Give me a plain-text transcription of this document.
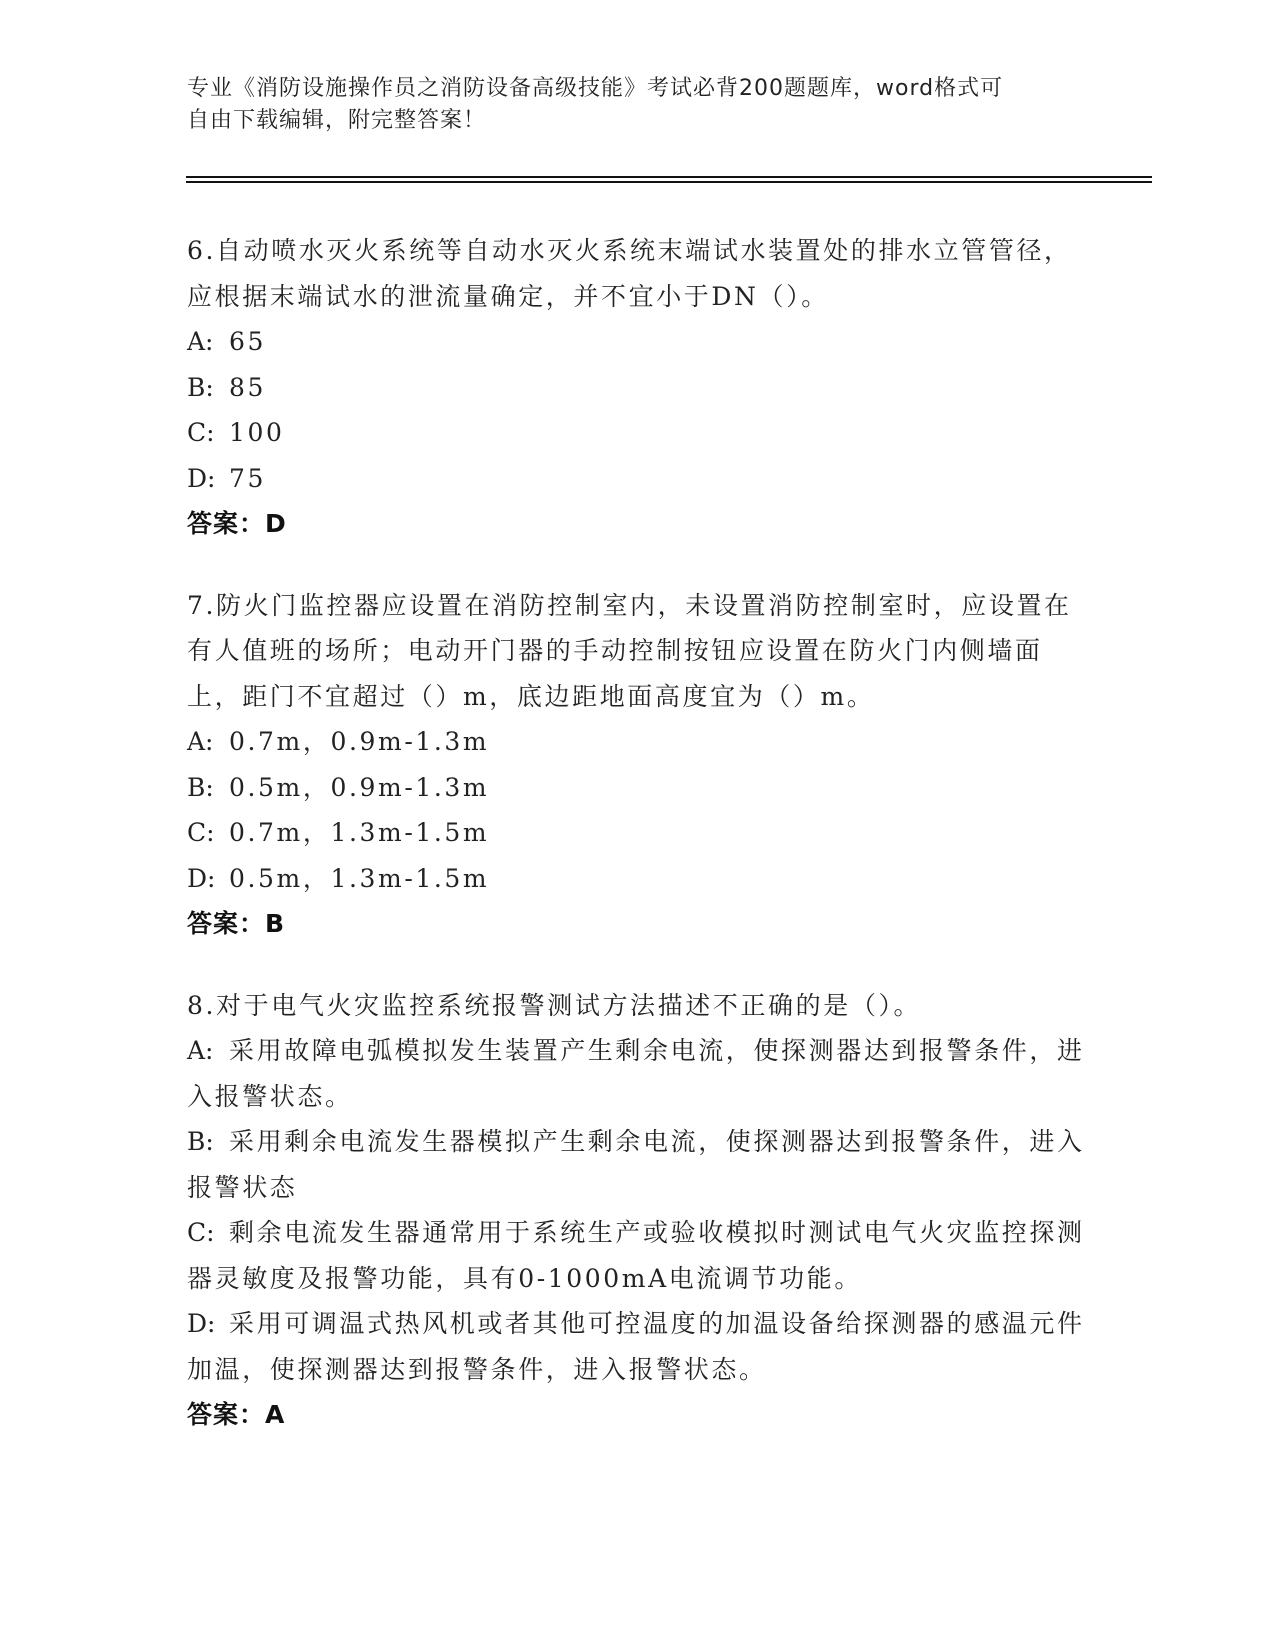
专业《消防设施操作员之消防设备高级技能》考试必背200题题库，word格式可
自由下载编辑，附完整答案！

6.自动喷水灭火系统等自动水灭火系统末端试水装置处的排水立管管径，应根据末端试水的泄流量确定，并不宜小于DN（）。

A: 65

B: 85

C: 100

D: 75

答案：D

7.防火门监控器应设置在消防控制室内，未设置消防控制室时，应设置在有人值班的场所；电动开门器的手动控制按钮应设置在防火门内侧墙面上，距门不宜超过（）m，底边距地面高度宜为（）m。

A: 0.7m，0.9m-1.3m

B: 0.5m，0.9m-1.3m

C: 0.7m，1.3m-1.5m

D: 0.5m，1.3m-1.5m

答案：B

8.对于电气火灾监控系统报警测试方法描述不正确的是（）。

A: 采用故障电弧模拟发生装置产生剩余电流，使探测器达到报警条件，进入报警状态。

B: 采用剩余电流发生器模拟产生剩余电流，使探测器达到报警条件，进入报警状态

C: 剩余电流发生器通常用于系统生产或验收模拟时测试电气火灾监控探测器灵敏度及报警功能，具有0-1000mA电流调节功能。

D: 采用可调温式热风机或者其他可控温度的加温设备给探测器的感温元件加温，使探测器达到报警条件，进入报警状态。

答案：A
